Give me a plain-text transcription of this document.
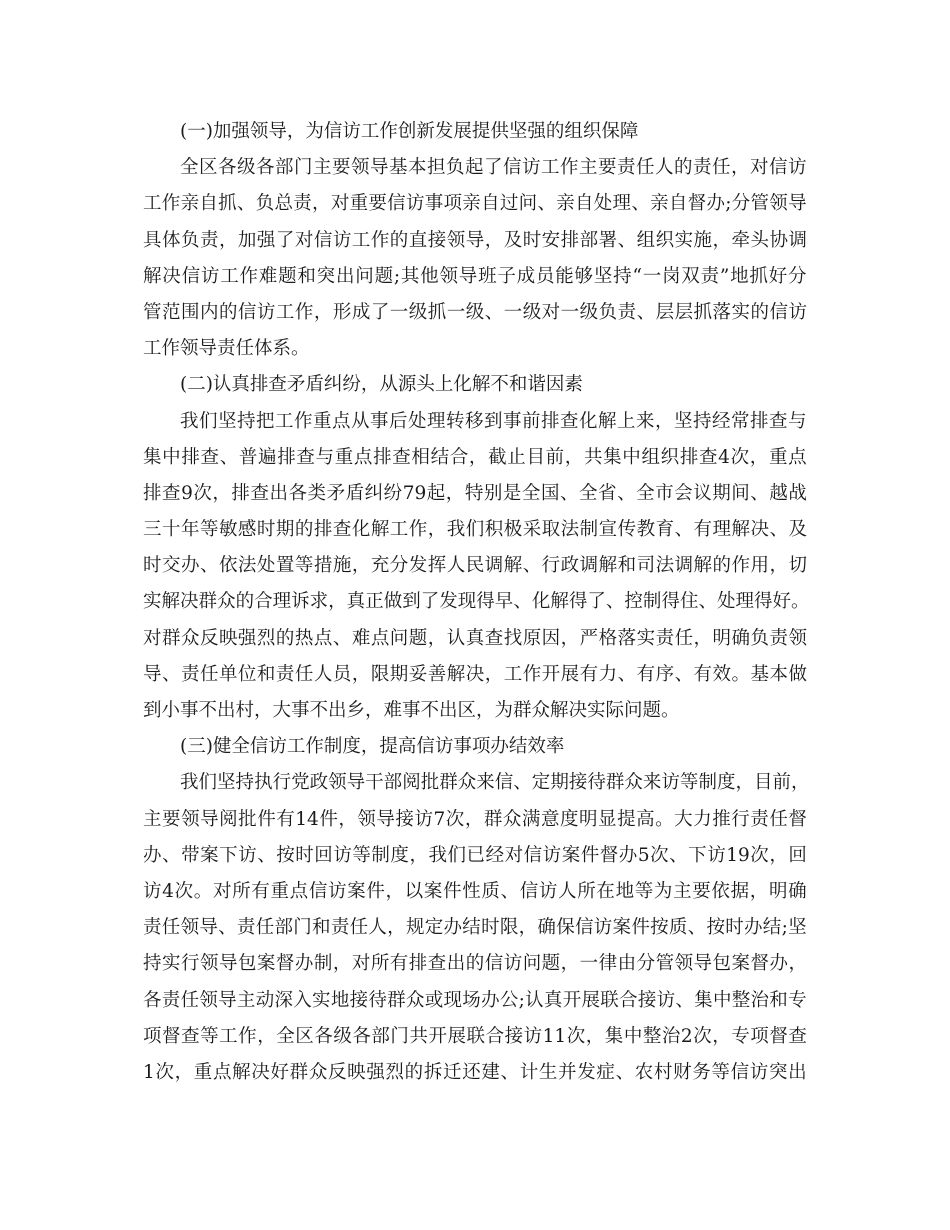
(一)加强领导，为信访工作创新发展提供坚强的组织保障
全 区 各 级 各 部 门 主 要 领 导 基 本 担 负 起 了 信 访 工 作 主 要 责 任 人 的 责 任 ， 对 信 访
工 作 亲 自 抓 、 负 总 责 ， 对 重 要 信 访 事 项 亲 自 过 问 、 亲 自 处 理 、 亲 自 督 办 ; 分 管 领 导
具 体 负 责 ， 加 强 了 对 信 访 工 作 的 直 接 领 导 ， 及 时 安 排 部 署 、 组 织 实 施 ， 牵 头 协 调
解 决 信 访 工 作 难 题 和 突 出 问 题 ; 其 他 领 导 班 子 成 员 能 够 坚 持 “ 一 岗 双 责 ” 地 抓 好 分
管 范 围 内 的 信 访 工 作 ， 形 成 了 一 级 抓 一 级 、 一 级 对 一 级 负 责 、 层 层 抓 落 实 的 信 访
工作领导责任体系。
(二)认真排查矛盾纠纷，从源头上化解不和谐因素
我 们 坚 持 把 工 作 重 点 从 事 后 处 理 转 移 到 事 前 排 查 化 解 上 来 ， 坚 持 经 常 排 查 与
集 中 排 查 、 普 遍 排 查 与 重 点 排 查 相 结 合 ， 截 止 目 前 ， 共 集 中 组 织 排 查 4 次 ， 重 点
排 查 9 次 ， 排 查 出 各 类 矛 盾 纠 纷 79 起 ， 特 别 是 全 国 、 全 省 、 全 市 会 议 期 间 、 越 战
三 十 年 等 敏 感 时 期 的 排 查 化 解 工 作 ， 我 们 积 极 采 取 法 制 宣 传 教 育 、 有 理 解 决 、 及
时 交 办 、 依 法 处 置 等 措 施 ， 充 分 发 挥 人 民 调 解 、 行 政 调 解 和 司 法 调 解 的 作 用 ， 切
实 解 决 群 众 的 合 理 诉 求 ， 真 正 做 到 了 发 现 得 早 、 化 解 得 了 、 控 制 得 住 、 处 理 得 好 。
对 群 众 反 映 强 烈 的 热 点 、 难 点 问 题 ， 认 真 查 找 原 因 ， 严 格 落 实 责 任 ， 明 确 负 责 领
导 、 责 任 单 位 和 责 任 人 员 ， 限 期 妥 善 解 决 ， 工 作 开 展 有 力 、 有 序 、 有 效 。 基 本 做
到小事不出村，大事不出乡，难事不出区，为群众解决实际问题。
(三)健全信访工作制度，提高信访事项办结效率
我 们 坚 持 执 行 党 政 领 导 干 部 阅 批 群 众 来 信 、 定 期 接 待 群 众 来 访 等 制 度 ， 目 前 ，
主 要 领 导 阅 批 件 有 14 件 ， 领 导 接 访 7 次 ， 群 众 满 意 度 明 显 提 高 。 大 力 推 行 责 任 督
办 、 带 案 下 访 、 按 时 回 访 等 制 度 ， 我 们 已 经 对 信 访 案 件 督 办 5 次 、 下 访 19 次 ， 回
访 4 次 。 对 所 有 重 点 信 访 案 件 ， 以 案 件 性 质 、 信 访 人 所 在 地 等 为 主 要 依 据 ， 明 确
责 任 领 导 、 责 任 部 门 和 责 任 人 ， 规 定 办 结 时 限 ， 确 保 信 访 案 件 按 质 、 按 时 办 结 ; 坚
持 实 行 领 导 包 案 督 办 制 ， 对 所 有 排 查 出 的 信 访 问 题 ， 一 律 由 分 管 领 导 包 案 督 办 ，
各 责 任 领 导 主 动 深 入 实 地 接 待 群 众 或 现 场 办 公 ; 认 真 开 展 联 合 接 访 、 集 中 整 治 和 专
项 督 查 等 工 作 ， 全 区 各 级 各 部 门 共 开 展 联 合 接 访 11 次 ， 集 中 整 治 2 次 ， 专 项 督 查
1 次 ， 重 点 解 决 好 群 众 反 映 强 烈 的 拆 迁 还 建 、 计 生 并 发 症 、 农 村 财 务 等 信 访 突 出
